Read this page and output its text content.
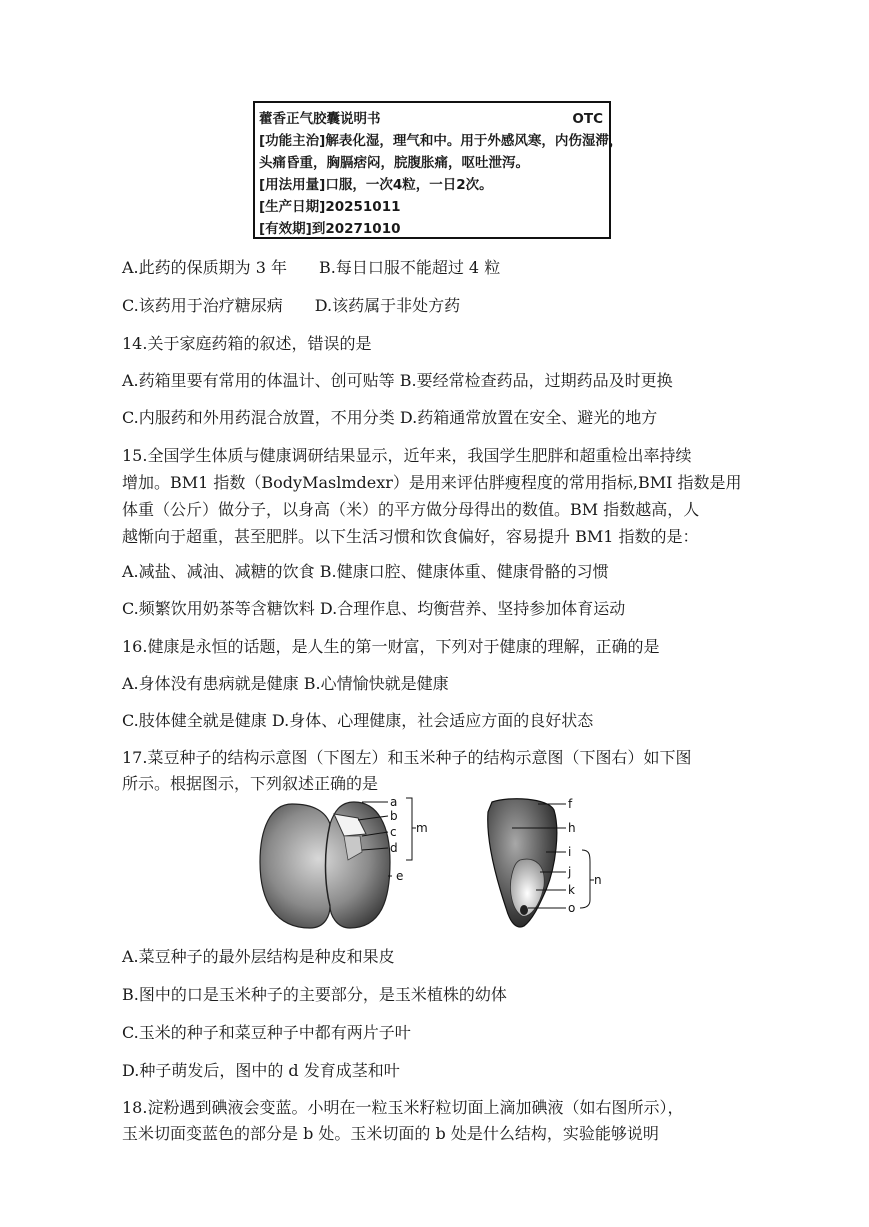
藿香正气胶囊说明书	OTC
[功能主治]解表化湿，理气和中。用于外感风寒，内伤湿滞，
头痛昏重，胸膈痞闷，脘腹胀痛，呕吐泄泻。
[用法用量]口服，一次4粒，一日2次。
[生产日期]20251011
[有效期]到20271010
A.此药的保质期为 3 年　　B.每日口服不能超过 4 粒
C.该药用于治疗糖尿病　　D.该药属于非处方药
14.关于家庭药箱的叙述，错误的是
A.药箱里要有常用的体温计、创可贴等 B.要经常检查药品，过期药品及时更换
C.内服药和外用药混合放置，不用分类 D.药箱通常放置在安全、避光的地方
15.全国学生体质与健康调研结果显示，近年来，我国学生肥胖和超重检出率持续
增加。BM1 指数（BodyMaslmdexr）是用来评估胖瘦程度的常用指标,BMI 指数是用
体重（公斤）做分子，以身高（米）的平方做分母得出的数值。BM 指数越高，人
越惭向于超重，甚至肥胖。以下生活习惯和饮食偏好，容易提升 BM1 指数的是：
A.减盐、减油、减糖的饮食 B.健康口腔、健康体重、健康骨骼的习惯
C.频繁饮用奶茶等含糖饮料 D.合理作息、均衡营养、坚持参加体育运动
16.健康是永恒的话题，是人生的第一财富，下列对于健康的理解，正确的是
A.身体没有患病就是健康 B.心情愉快就是健康
C.肢体健全就是健康 D.身体、心理健康，社会适应方面的良好状态
17.菜豆种子的结构示意图（下图左）和玉米种子的结构示意图（下图右）如下图
所示。根据图示，下列叙述正确的是
a
b
c
d
e
m
f
h
i
j
k
o
n
A.菜豆种子的最外层结构是种皮和果皮
B.图中的口是玉米种子的主要部分，是玉米植株的幼体
C.玉米的种子和菜豆种子中都有两片子叶
D.种子萌发后，图中的 d 发育成茎和叶
18.淀粉遇到碘液会变蓝。小明在一粒玉米籽粒切面上滴加碘液（如右图所示），
玉米切面变蓝色的部分是 b 处。玉米切面的 b 处是什么结构，实验能够说明
